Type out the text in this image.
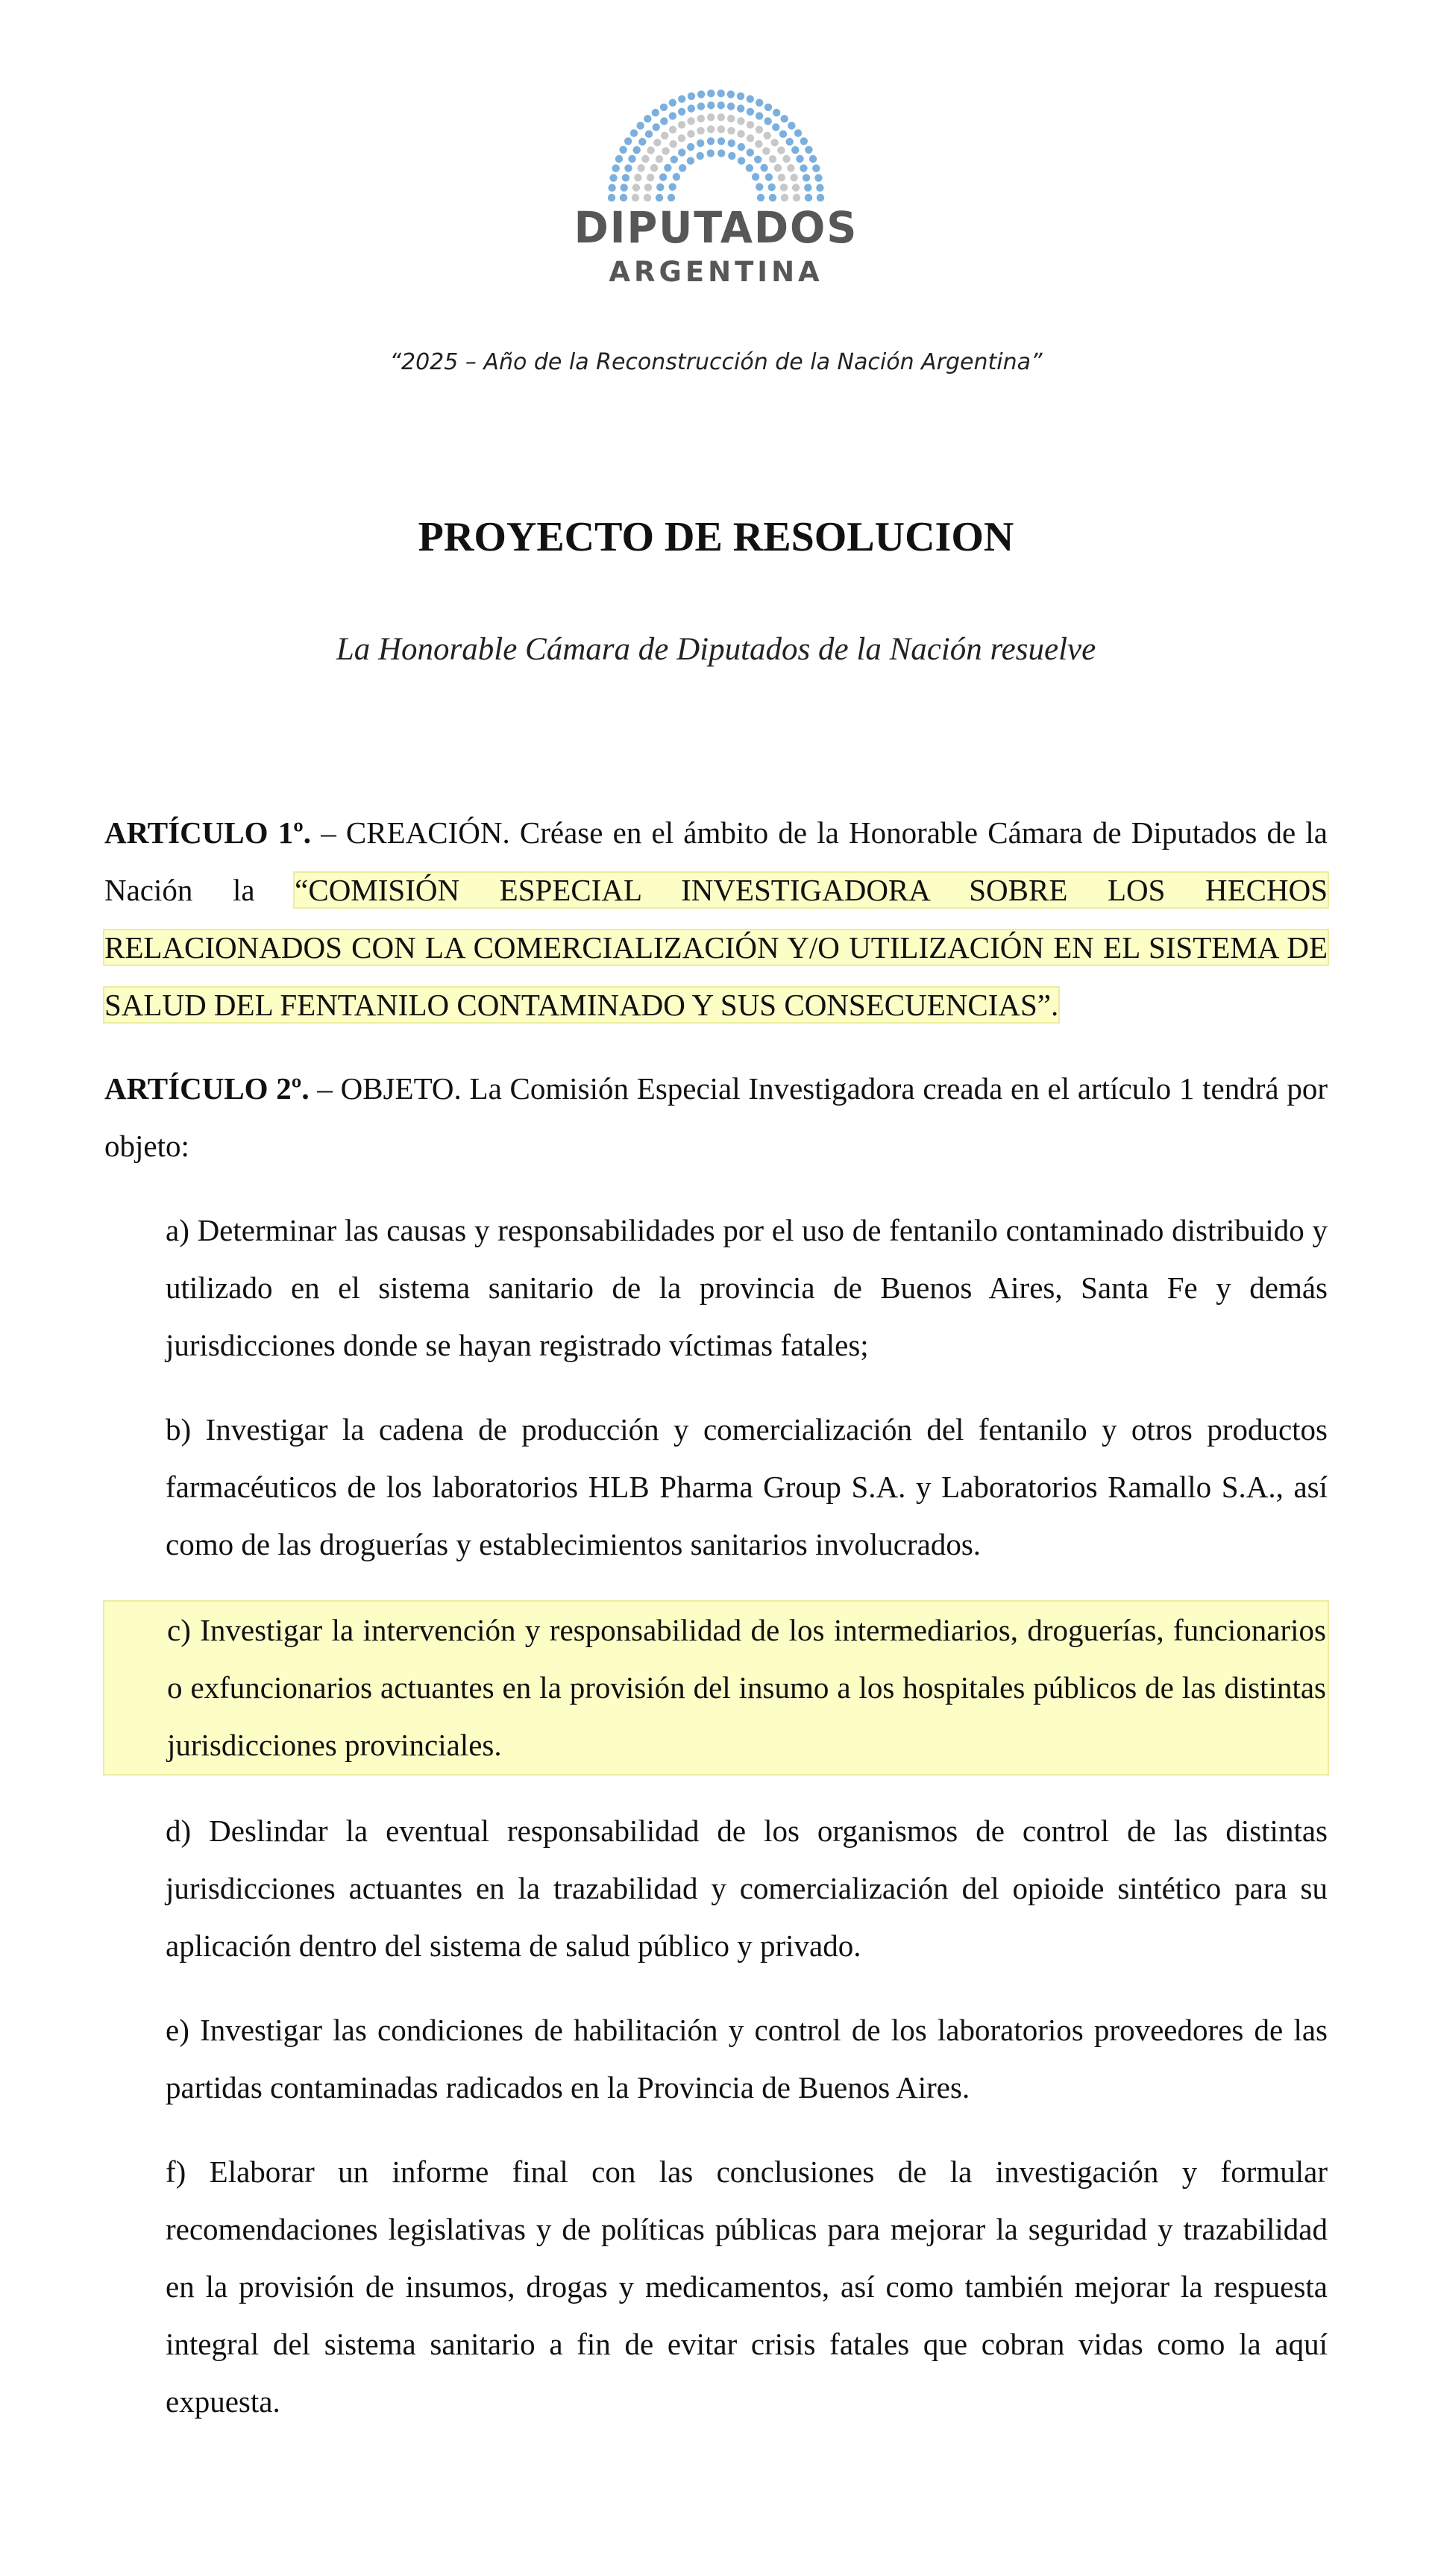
DIPUTADOS
ARGENTINA
“2025 – Año de la Reconstrucción de la Nación Argentina”
PROYECTO DE RESOLUCION
La Honorable Cámara de Diputados de la Nación resuelve

ARTÍCULO 1º. – CREACIÓN. Créase en el ámbito de la Honorable Cámara de Diputados de la Nación la “COMISIÓN ESPECIAL INVESTIGADORA SOBRE LOS HECHOS RELACIONADOS CON LA COMERCIALIZACIÓN Y/O UTILIZACIÓN EN EL SISTEMA DE SALUD DEL FENTANILO CONTAMINADO Y SUS CONSECUENCIAS”.

ARTÍCULO 2º. – OBJETO. La Comisión Especial Investigadora creada en el artículo 1 tendrá por objeto:

a) Determinar las causas y responsabilidades por el uso de fentanilo contaminado distribuido y utilizado en el sistema sanitario de la provincia de Buenos Aires, Santa Fe y demás jurisdicciones donde se hayan registrado víctimas fatales;

b) Investigar la cadena de producción y comercialización del fentanilo y otros productos farmacéuticos de los laboratorios HLB Pharma Group S.A. y Laboratorios Ramallo S.A., así como de las droguerías y establecimientos sanitarios involucrados.

c) Investigar la intervención y responsabilidad de los intermediarios, droguerías, funcionarios o exfuncionarios actuantes en la provisión del insumo a los hospitales públicos de las distintas jurisdicciones provinciales.

d) Deslindar la eventual responsabilidad de los organismos de control de las distintas jurisdicciones actuantes en la trazabilidad y comercialización del opioide sintético para su aplicación dentro del sistema de salud público y privado.

e) Investigar las condiciones de habilitación y control de los laboratorios proveedores de las partidas contaminadas radicados en la Provincia de Buenos Aires.

f) Elaborar un informe final con las conclusiones de la investigación y formular recomendaciones legislativas y de políticas públicas para mejorar la seguridad y trazabilidad en la provisión de insumos, drogas y medicamentos, así como también mejorar la respuesta integral del sistema sanitario a fin de evitar crisis fatales que cobran vidas como la aquí expuesta.
